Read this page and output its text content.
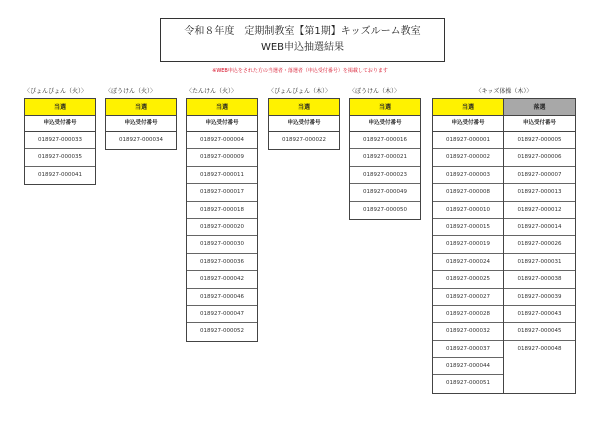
令和８年度　定期制教室【第1期】キッズルーム教室
WEB申込抽選結果
※WEB申込をされた方の当選者・落選者（申込受付番号）を掲載しております
〈ぴょんぴょん（火）〉
当選
申込受付番号
018927-000033
018927-000035
018927-000041
〈ぽうけん（火）〉
当選
申込受付番号
018927-000034
〈たんけん（火）〉
当選
申込受付番号
018927-000004
018927-000009
018927-000011
018927-000017
018927-000018
018927-000020
018927-000030
018927-000036
018927-000042
018927-000046
018927-000047
018927-000052
〈ぴょんぴょん（木）〉
当選
申込受付番号
018927-000022
〈ぽうけん（木）〉
当選
申込受付番号
018927-000016
018927-000021
018927-000023
018927-000049
018927-000050
〈キッズ体操（木）〉
当選
申込受付番号
018927-000001
018927-000002
018927-000003
018927-000008
018927-000010
018927-000015
018927-000019
018927-000024
018927-000025
018927-000027
018927-000028
018927-000032
018927-000037
018927-000044
018927-000051
落選
申込受付番号
018927-000005
018927-000006
018927-000007
018927-000013
018927-000012
018927-000014
018927-000026
018927-000031
018927-000038
018927-000039
018927-000043
018927-000045
018927-000048
